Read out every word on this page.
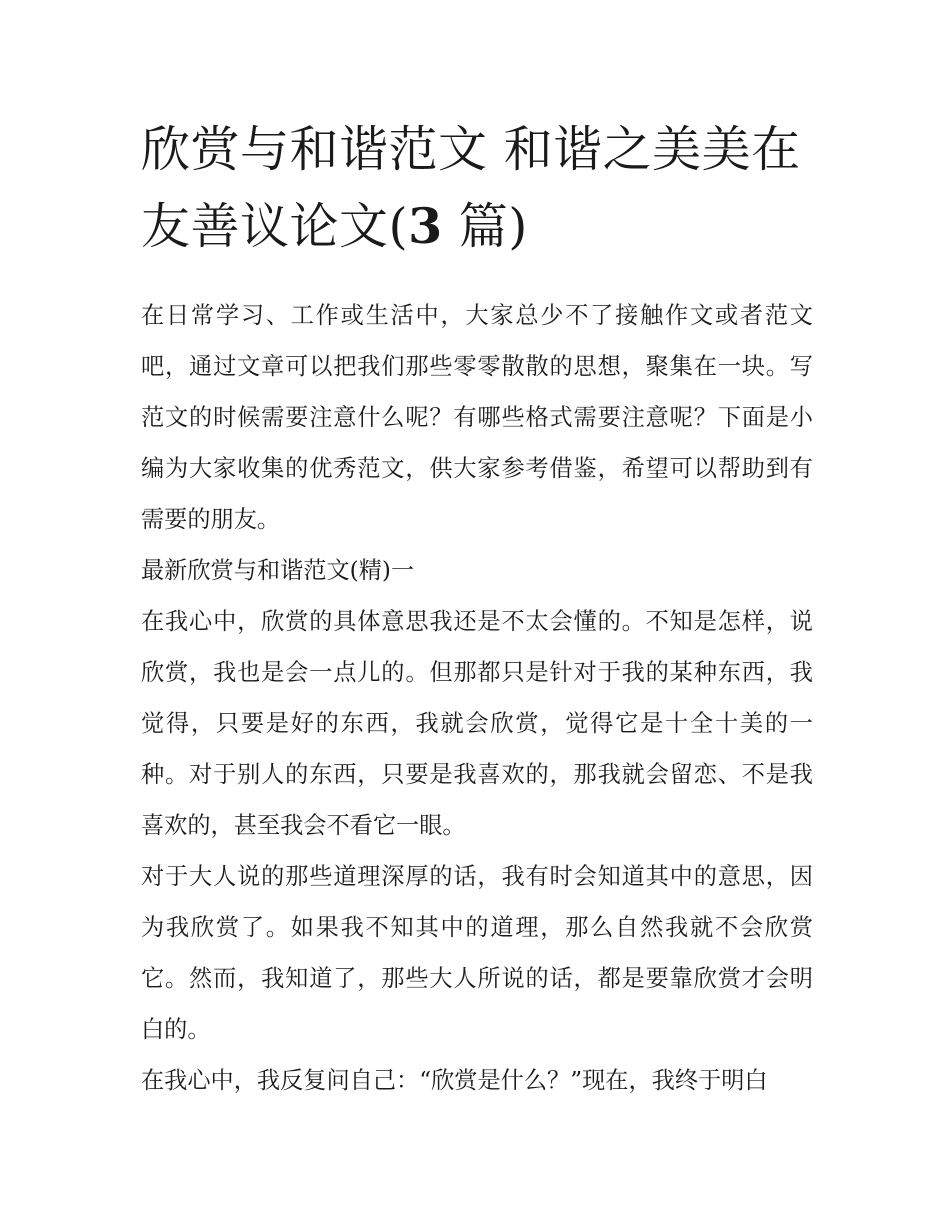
欣赏与和谐范文 和谐之美美在友善议论文(3 篇)

在日常学习、工作或生活中，大家总少不了接触作文或者范文吧，通过文章可以把我们那些零零散散的思想，聚集在一块。写范文的时候需要注意什么呢？有哪些格式需要注意呢？下面是小编为大家收集的优秀范文，供大家参考借鉴，希望可以帮助到有需要的朋友。

最新欣赏与和谐范文(精)一

在我心中，欣赏的具体意思我还是不太会懂的。不知是怎样，说欣赏，我也是会一点儿的。但那都只是针对于我的某种东西，我觉得，只要是好的东西，我就会欣赏，觉得它是十全十美的一种。对于别人的东西，只要是我喜欢的，那我就会留恋、不是我喜欢的，甚至我会不看它一眼。

对于大人说的那些道理深厚的话，我有时会知道其中的意思，因为我欣赏了。如果我不知其中的道理，那么自然我就不会欣赏它。然而，我知道了，那些大人所说的话，都是要靠欣赏才会明白的。

在我心中，我反复问自己：“欣赏是什么？”现在，我终于明白
